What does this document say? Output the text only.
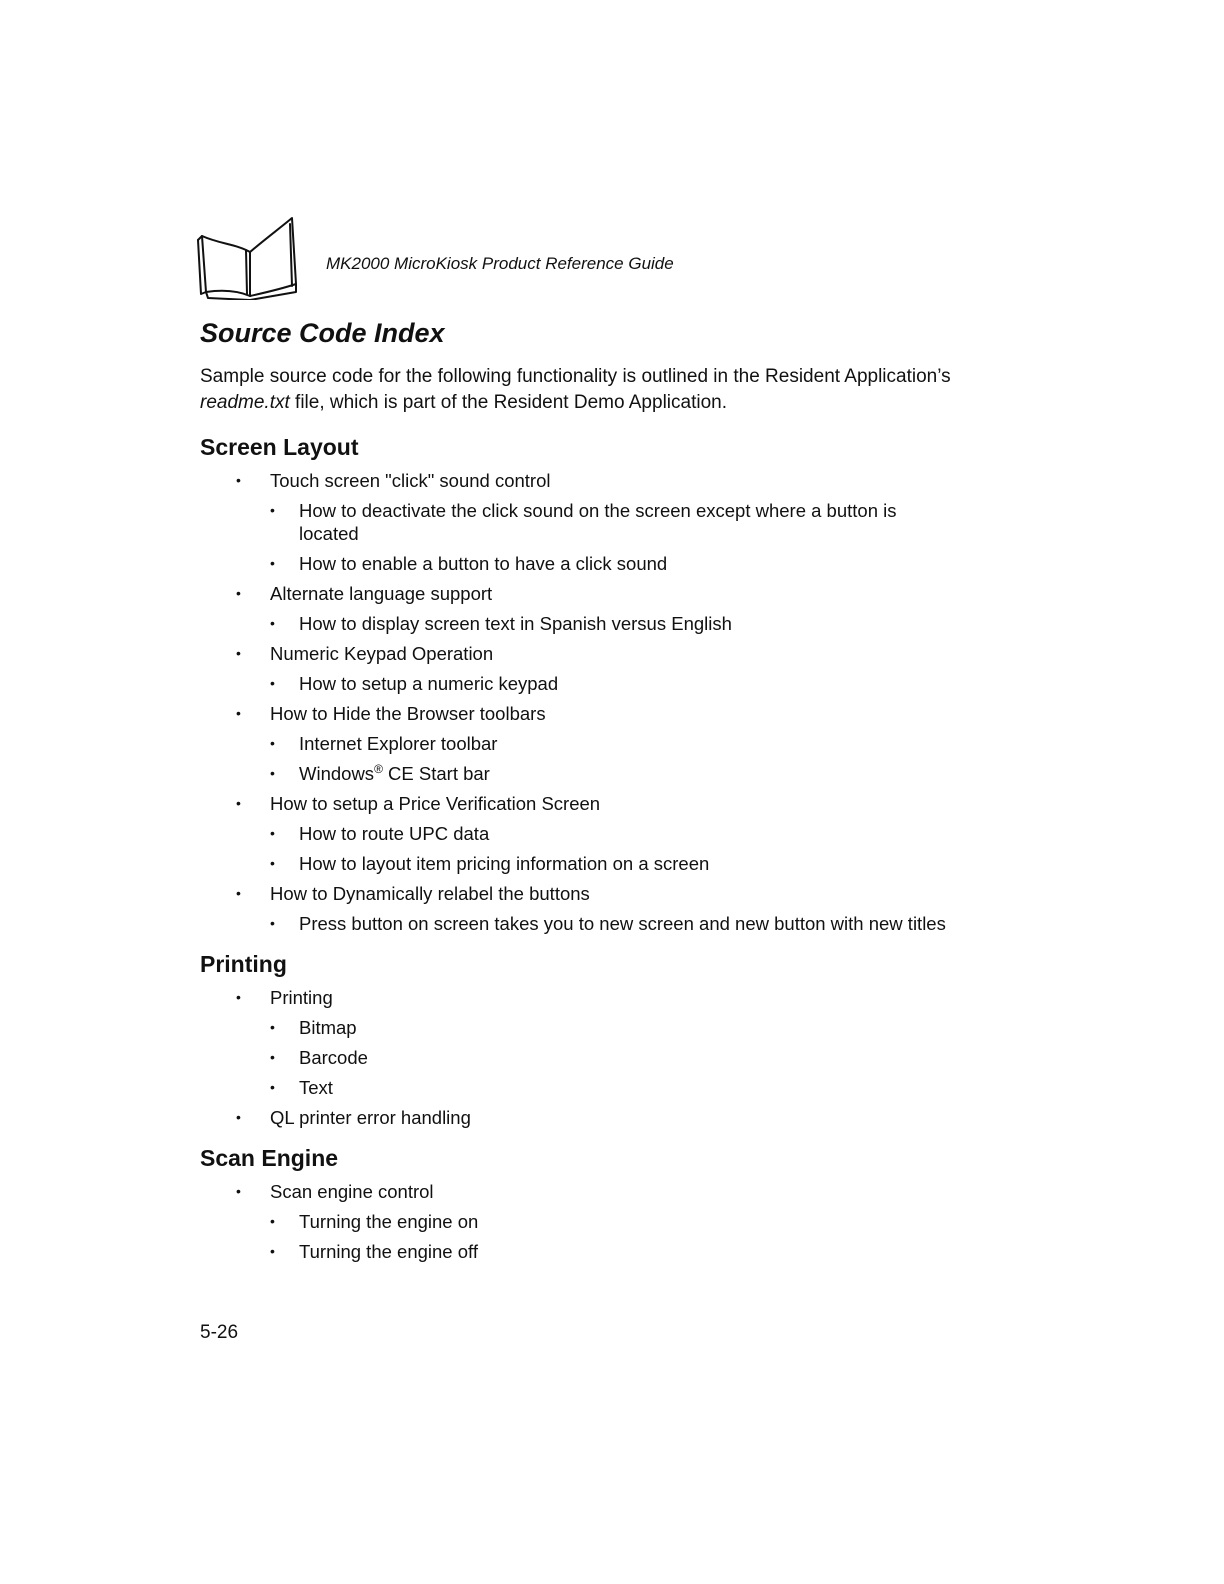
MK2000 MicroKiosk Product Reference Guide
Source Code Index

Sample source code for the following functionality is outlined in the Resident Application’s readme.txt file, which is part of the Resident Demo Application.

Screen Layout
• Touch screen "click" sound control
• How to deactivate the click sound on the screen except where a button is located
• How to enable a button to have a click sound
• Alternate language support
• How to display screen text in Spanish versus English
• Numeric Keypad Operation
• How to setup a numeric keypad
• How to Hide the Browser toolbars
• Internet Explorer toolbar
• Windows® CE Start bar
• How to setup a Price Verification Screen
• How to route UPC data
• How to layout item pricing information on a screen
• How to Dynamically relabel the buttons
• Press button on screen takes you to new screen and new button with new titles
Printing
• Printing
• Bitmap
• Barcode
• Text
• QL printer error handling
Scan Engine
• Scan engine control
• Turning the engine on
• Turning the engine off

5-26
